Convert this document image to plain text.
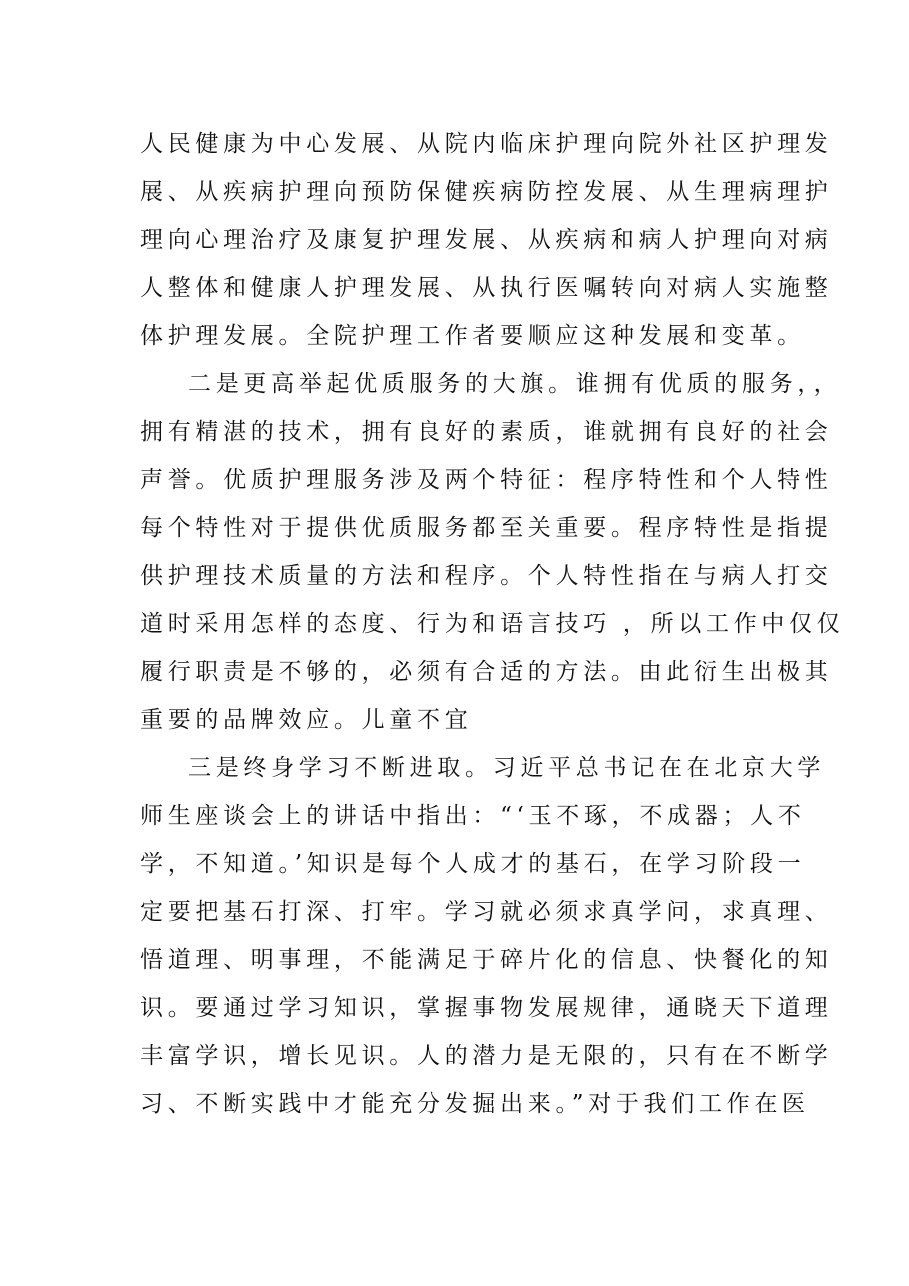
人民健康为中心发展、从院内临床护理向院外社区护理发
展、从疾病护理向预防保健疾病防控发展、从生理病理护
理向心理治疗及康复护理发展、从疾病和病人护理向对病
人整体和健康人护理发展、从执行医嘱转向对病人实施整
体护理发展。全院护理工作者要顺应这种发展和变革。
二是更高举起优质服务的大旗。谁拥有优质的服务，，
拥有精湛的技术，拥有良好的素质，谁就拥有良好的社会
声誉。优质护理服务涉及两个特征：程序特性和个人特性
每个特性对于提供优质服务都至关重要。程序特性是指提
供护理技术质量的方法和程序。个人特性指在与病人打交
道时采用怎样的态度、行为和语言技巧 ，所以工作中仅仅
履行职责是不够的，必须有合适的方法。由此衍生出极其
重要的品牌效应。儿童不宜
三是终身学习不断进取。习近平总书记在在北京大学
师生座谈会上的讲话中指出：“‘玉不琢，不成器；人不
学，不知道。’知识是每个人成才的基石，在学习阶段一
定要把基石打深、打牢。学习就必须求真学问，求真理、
悟道理、明事理，不能满足于碎片化的信息、快餐化的知
识。要通过学习知识，掌握事物发展规律，通晓天下道理
丰富学识，增长见识。人的潜力是无限的，只有在不断学
习、不断实践中才能充分发掘出来。”对于我们工作在医
